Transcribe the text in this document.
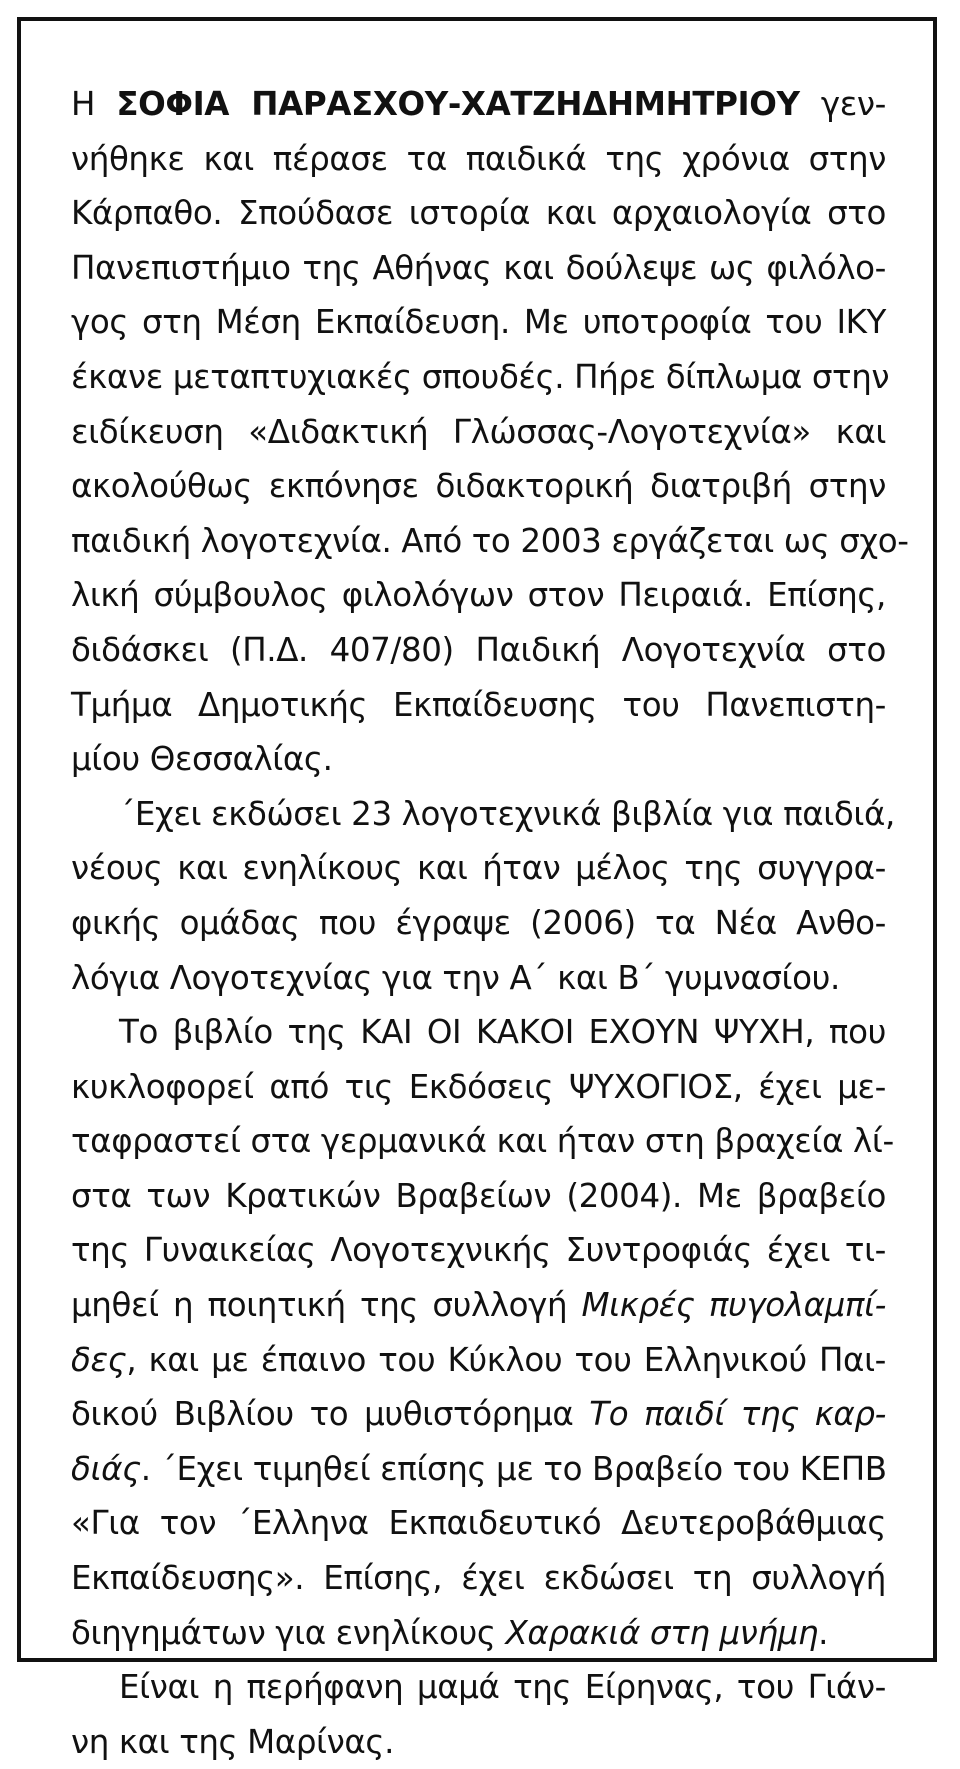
Η ΣΟΦΙΑ ΠΑΡΑΣΧΟΥ-ΧΑΤΖΗΔΗΜΗΤΡΙΟΥ γεν-
νήθηκε και πέρασε τα παιδικά της χρόνια στην
Κάρπαθο. Σπούδασε ιστορία και αρχαιολογία στο
Πανεπιστήμιο της Αθήνας και δούλεψε ως φιλόλο-
γος στη Μέση Εκπαίδευση. Με υποτροφία του ΙΚΥ
έκανε μεταπτυχιακές σπουδές. Πήρε δίπλωμα στην
ειδίκευση «Διδακτική Γλώσσας-Λογοτεχνία» και
ακολούθως εκπόνησε διδακτορική διατριβή στην
παιδική λογοτεχνία. Από το 2003 εργάζεται ως σχο-
λική σύμβουλος φιλολόγων στον Πειραιά. Επίσης,
διδάσκει (Π.Δ. 407/80) Παιδική Λογοτεχνία στο
Τμήμα Δημοτικής Εκπαίδευσης του Πανεπιστη-
μίου Θεσσαλίας.
΄Εχει εκδώσει 23 λογοτεχνικά βιβλία για παιδιά,
νέους και ενηλίκους και ήταν μέλος της συγγρα-
φικής ομάδας που έγραψε (2006) τα Νέα Ανθο-
λόγια Λογοτεχνίας για την Α΄ και Β΄ γυμνασίου.
Το βιβλίο της ΚΑΙ ΟΙ ΚΑΚΟΙ ΕΧΟΥΝ ΨΥΧΗ, που
κυκλοφορεί από τις Εκδόσεις ΨΥΧΟΓΙΟΣ, έχει με-
ταφραστεί στα γερμανικά και ήταν στη βραχεία λί-
στα των Κρατικών Βραβείων (2004). Με βραβείο
της Γυναικείας Λογοτεχνικής Συντροφιάς έχει τι-
μηθεί η ποιητική της συλλογή Μικρές πυγολαμπί-
δες, και με έπαινο του Κύκλου του Ελληνικού Παι-
δικού Βιβλίου το μυθιστόρημα Το παιδί της καρ-
διάς. ΄Εχει τιμηθεί επίσης με το Βραβείο του ΚΕΠΒ
«Για τον ΄Ελληνα Εκπαιδευτικό Δευτεροβάθμιας
Εκπαίδευσης». Επίσης, έχει εκδώσει τη συλλογή
διηγημάτων για ενηλίκους Χαρακιά στη μνήμη.
Είναι η περήφανη μαμά της Είρηνας, του Γιάν-
νη και της Μαρίνας.
